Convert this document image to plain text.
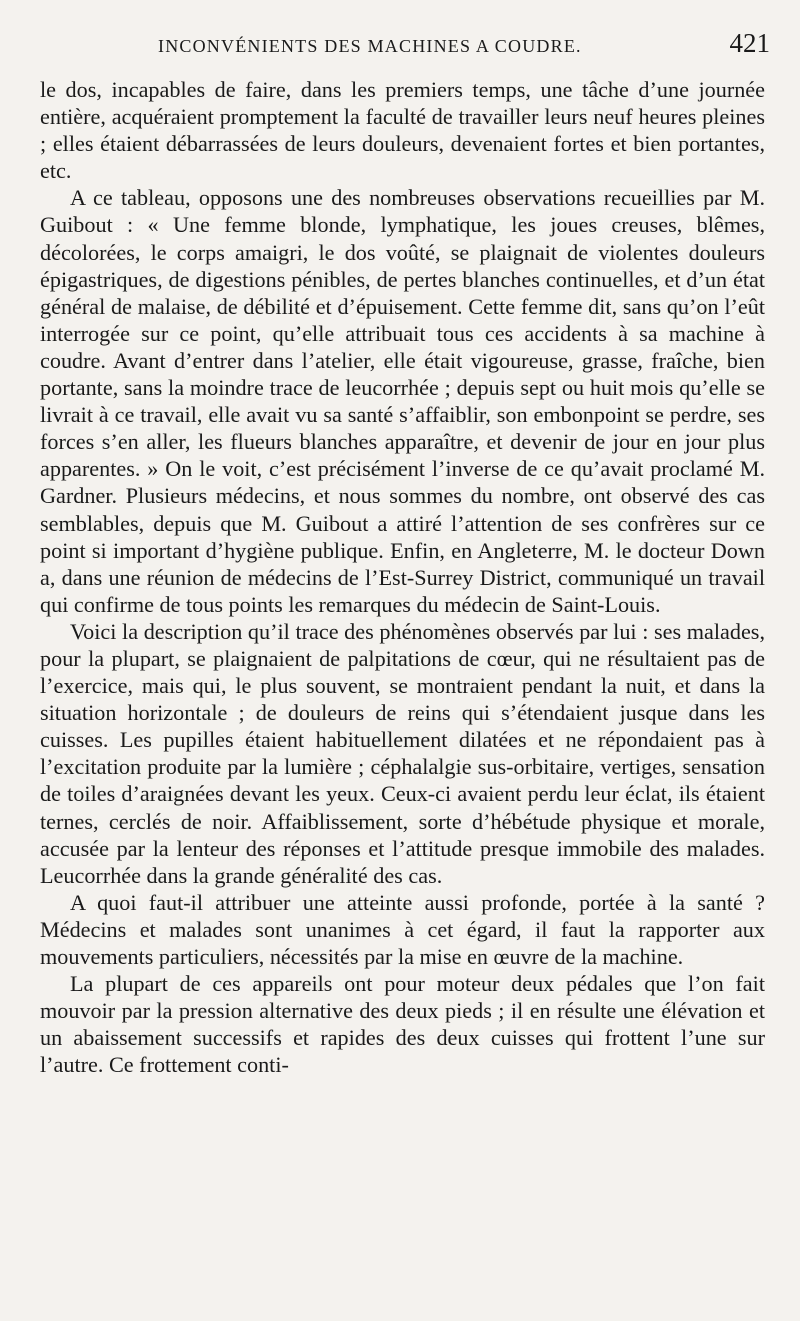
INCONVÉNIENTS DES MACHINES A COUDRE.	421

le dos, incapables de faire, dans les premiers temps, une tâche d’une journée entière, acquéraient promptement la faculté de travailler leurs neuf heures pleines ; elles étaient débarrassées de leurs douleurs, devenaient fortes et bien portantes, etc.

A ce tableau, opposons une des nombreuses observations recueillies par M. Guibout : « Une femme blonde, lymphatique, les joues creuses, blêmes, décolorées, le corps amaigri, le dos voûté, se plaignait de violentes douleurs épigastriques, de digestions pénibles, de pertes blanches continuelles, et d’un état général de malaise, de débilité et d’épuisement. Cette femme dit, sans qu’on l’eût interrogée sur ce point, qu’elle attribuait tous ces accidents à sa machine à coudre. Avant d’entrer dans l’atelier, elle était vigoureuse, grasse, fraîche, bien portante, sans la moindre trace de leucorrhée ; depuis sept ou huit mois qu’elle se livrait à ce travail, elle avait vu sa santé s’affaiblir, son embonpoint se perdre, ses forces s’en aller, les flueurs blanches apparaître, et devenir de jour en jour plus apparentes. » On le voit, c’est précisément l’inverse de ce qu’avait proclamé M. Gardner. Plusieurs médecins, et nous sommes du nombre, ont observé des cas semblables, depuis que M. Guibout a attiré l’attention de ses confrères sur ce point si important d’hygiène publique. Enfin, en Angleterre, M. le docteur Down a, dans une réunion de médecins de l’Est-Surrey District, communiqué un travail qui confirme de tous points les remarques du médecin de Saint-Louis.

Voici la description qu’il trace des phénomènes observés par lui : ses malades, pour la plupart, se plaignaient de palpitations de cœur, qui ne résultaient pas de l’exercice, mais qui, le plus souvent, se montraient pendant la nuit, et dans la situation horizontale ; de douleurs de reins qui s’étendaient jusque dans les cuisses. Les pupilles étaient habituellement dilatées et ne répondaient pas à l’excitation produite par la lumière ; céphalalgie sus-orbitaire, vertiges, sensation de toiles d’araignées devant les yeux. Ceux-ci avaient perdu leur éclat, ils étaient ternes, cerclés de noir. Affaiblissement, sorte d’hébétude physique et morale, accusée par la lenteur des réponses et l’attitude presque immobile des malades. Leucorrhée dans la grande généralité des cas.

A quoi faut-il attribuer une atteinte aussi profonde, portée à la santé ? Médecins et malades sont unanimes à cet égard, il faut la rapporter aux mouvements particuliers, nécessités par la mise en œuvre de la machine.

La plupart de ces appareils ont pour moteur deux pédales que l’on fait mouvoir par la pression alternative des deux pieds ; il en résulte une élévation et un abaissement successifs et rapides des deux cuisses qui frottent l’une sur l’autre. Ce frottement conti-
